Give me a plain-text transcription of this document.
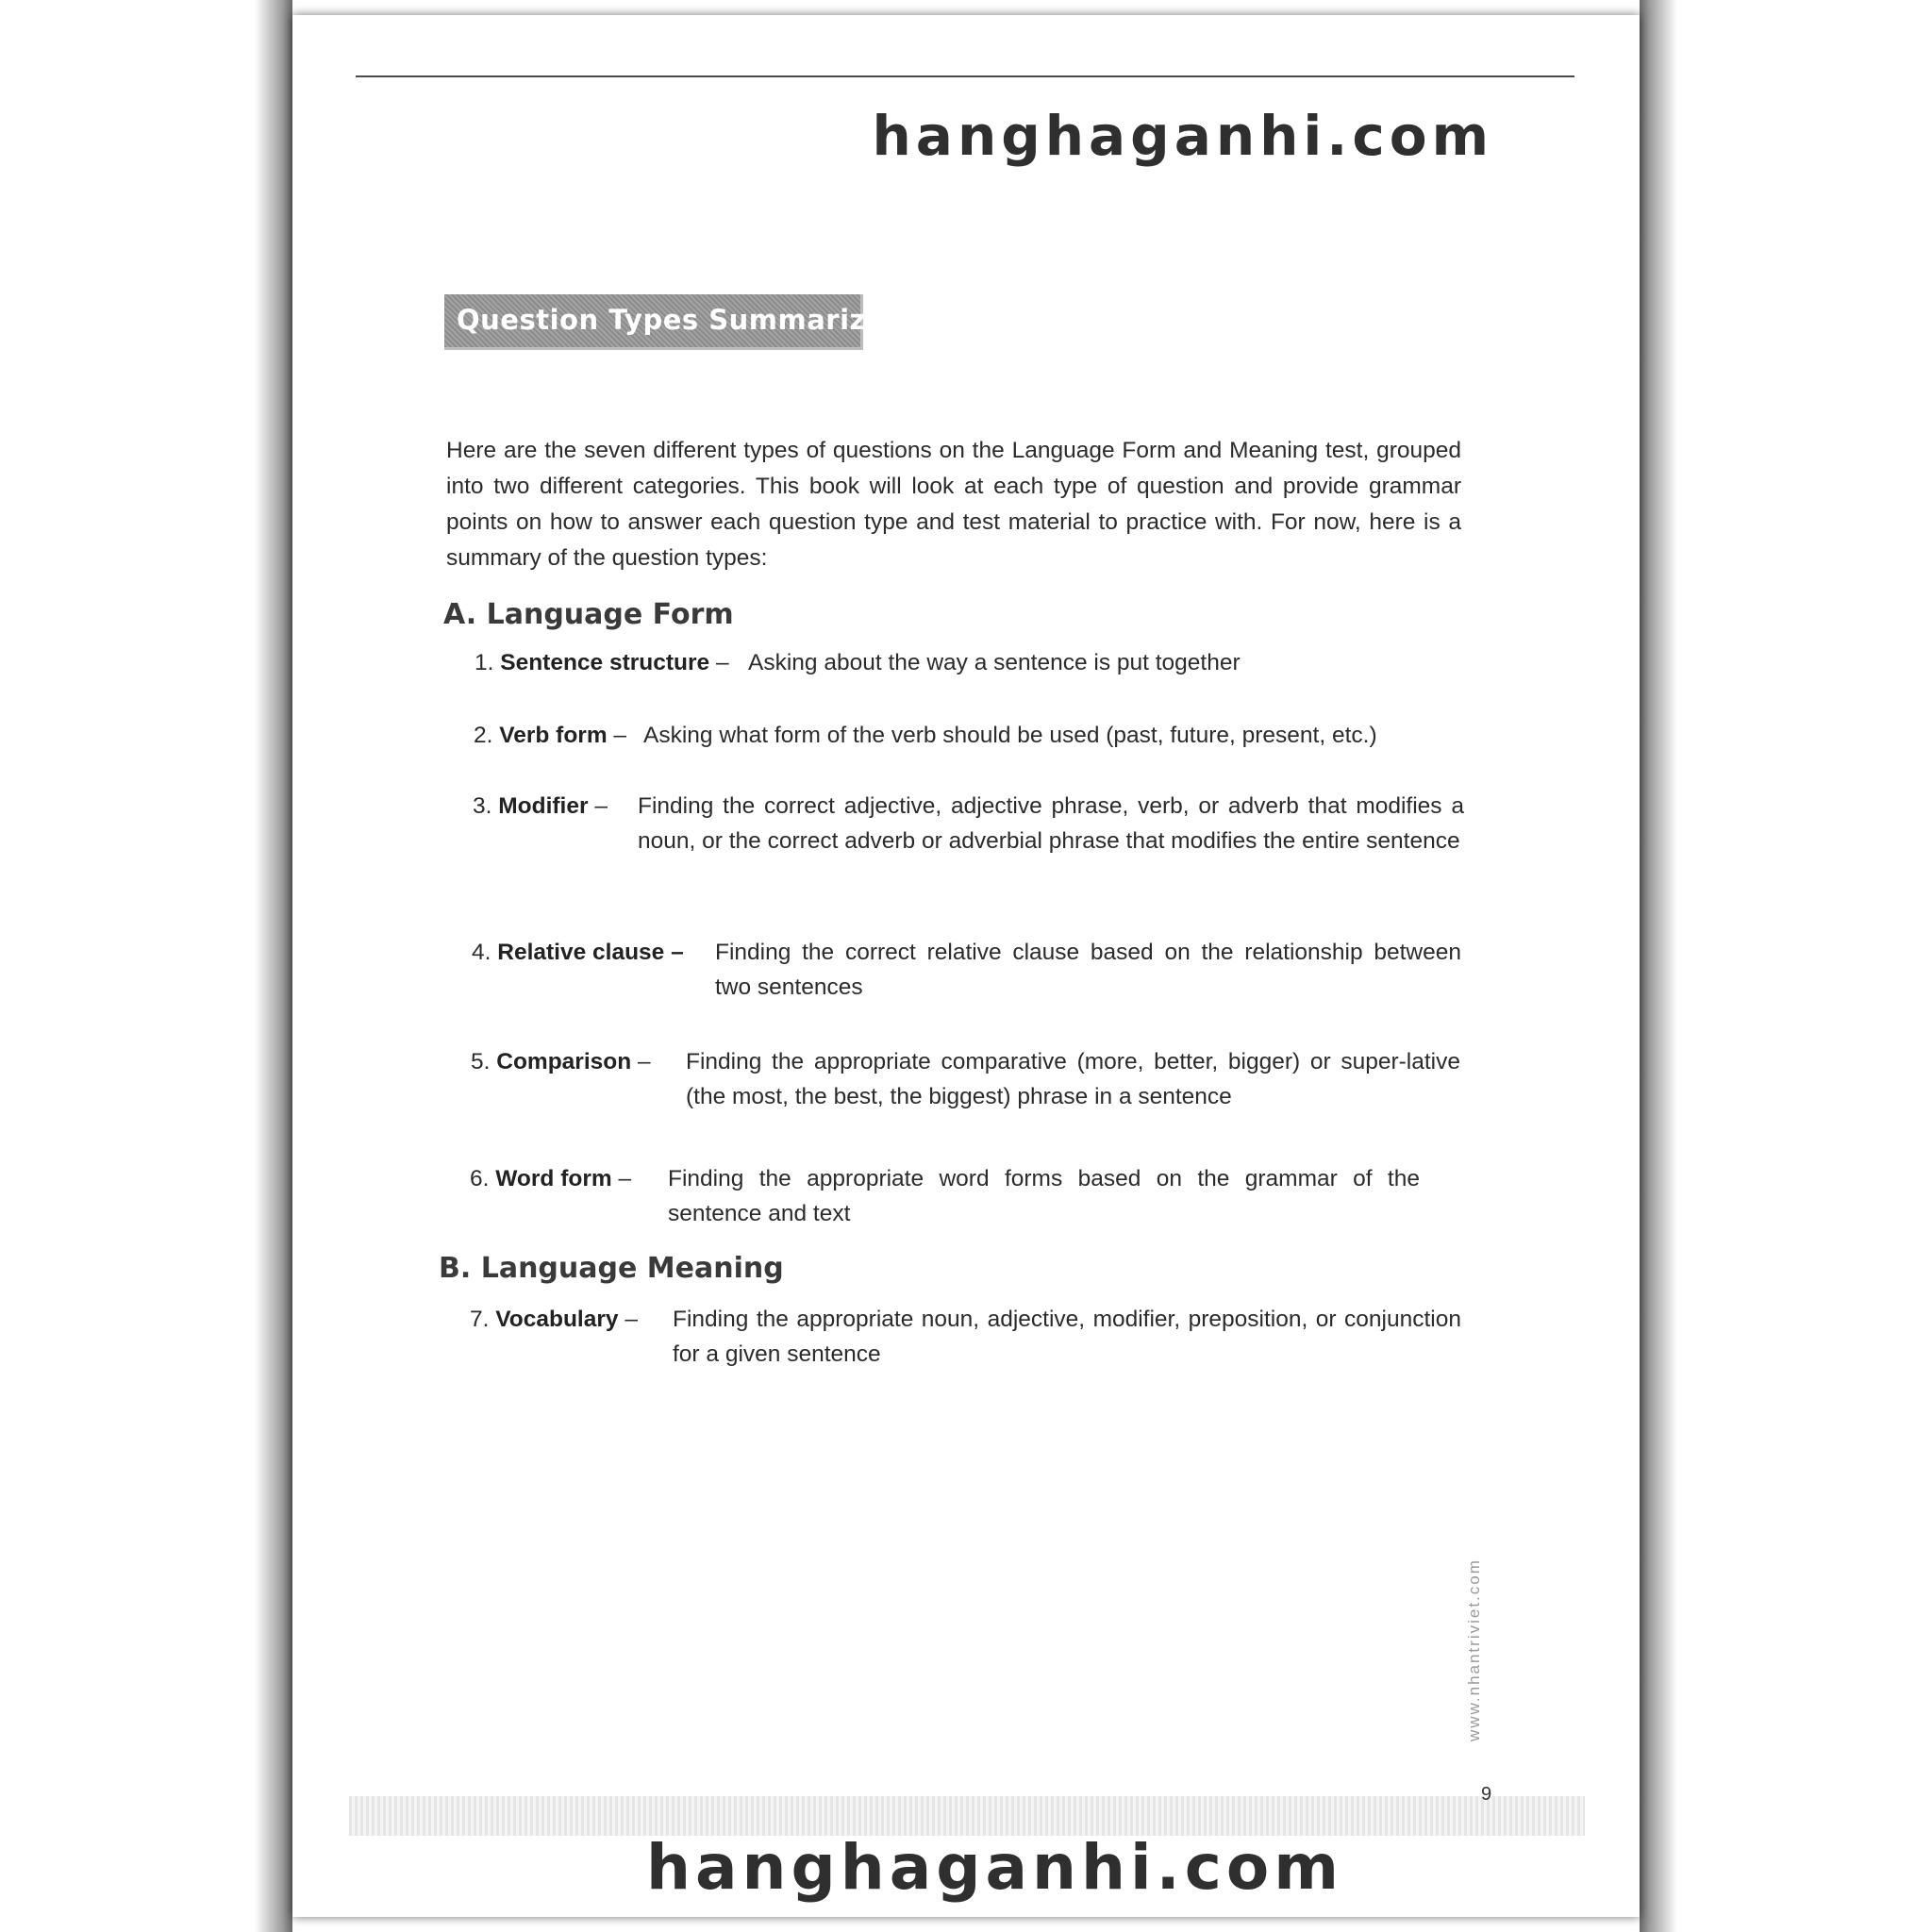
hanghaganhi.com
Question Types Summarized

Here are the seven different types of questions on the Language Form and Meaning test, grouped into two different categories. This book will look at each type of question and provide grammar points on how to answer each question type and test material to practice with. For now, here is a summary of the question types:

A. Language Form
1. Sentence structure – Asking about the way a sentence is put together
2. Verb form – Asking what form of the verb should be used (past, future, present, etc.)
3. Modifier – Finding the correct adjective, adjective phrase, verb, or adverb that modifies a noun, or the correct adverb or adverbial phrase that modifies the entire sentence
4. Relative clause – Finding the correct relative clause based on the relationship between two sentences
5. Comparison – Finding the appropriate comparative (more, better, bigger) or super-lative (the most, the best, the biggest) phrase in a sentence
6. Word form – Finding the appropriate word forms based on the grammar of the sentence and text
B. Language Meaning
7. Vocabulary – Finding the appropriate noun, adjective, modifier, preposition, or conjunction for a given sentence
www.nhantriviet.com
9
hanghaganhi.com
